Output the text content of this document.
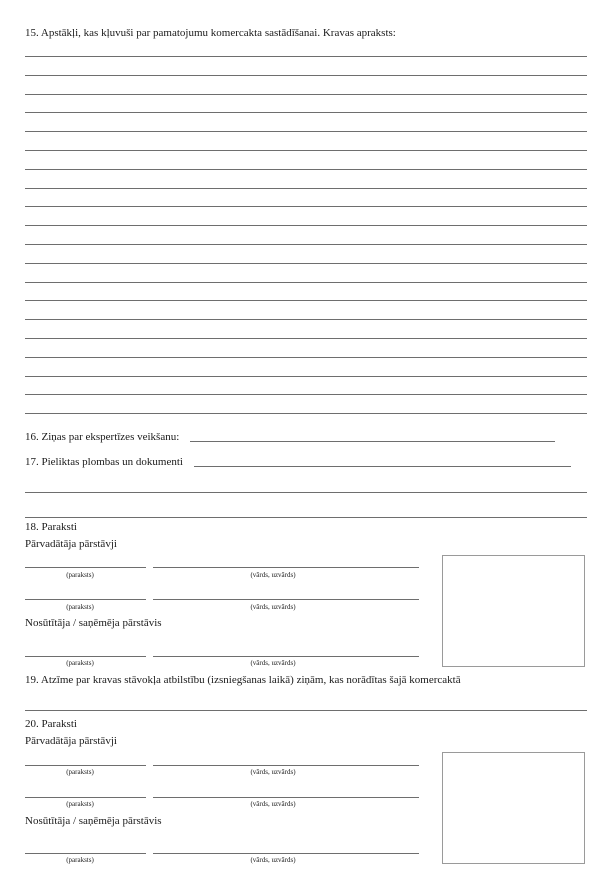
15. Apstākļi, kas kļuvuši par pamatojumu komercakta sastādīšanai. Kravas apraksts:
16. Ziņas par ekspertīzes veikšanu:
17. Pieliktas plombas un dokumenti
18. Paraksti
Pārvadātāja pārstāvji
(paraksts)	(vārds, uzvārds)
(paraksts)	(vārds, uzvārds)
Nosūtītāja / saņēmēja pārstāvis
(paraksts)	(vārds, uzvārds)
19. Atzīme par kravas stāvokļa atbilstību (izsniegšanas laikā) ziņām, kas norādītas šajā komercaktā
20. Paraksti
Pārvadātāja pārstāvji
(paraksts)	(vārds, uzvārds)
(paraksts)	(vārds, uzvārds)
Nosūtītāja / saņēmēja pārstāvis
(paraksts)	(vārds, uzvārds)
